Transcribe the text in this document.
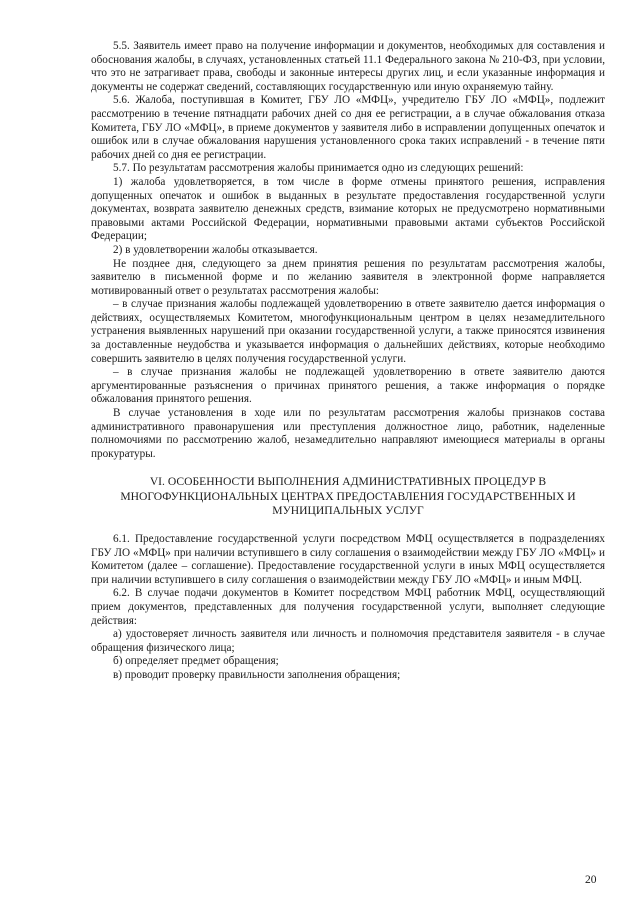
5.5. Заявитель имеет право на получение информации и документов, необходимых для составления и обоснования жалобы, в случаях, установленных статьей 11.1 Федерального закона № 210-ФЗ, при условии, что это не затрагивает права, свободы и законные интересы других лиц, и если указанные информация и документы не содержат сведений, составляющих государственную или иную охраняемую тайну.

5.6. Жалоба, поступившая в Комитет, ГБУ ЛО «МФЦ», учредителю ГБУ ЛО «МФЦ», подлежит рассмотрению в течение пятнадцати рабочих дней со дня ее регистрации, а в случае обжалования отказа Комитета, ГБУ ЛО «МФЦ», в приеме документов у заявителя либо в исправлении допущенных опечаток и ошибок или в случае обжалования нарушения установленного срока таких исправлений - в течение пяти рабочих дней со дня ее регистрации.

5.7. По результатам рассмотрения жалобы принимается одно из следующих решений:

1) жалоба удовлетворяется, в том числе в форме отмены принятого решения, исправления допущенных опечаток и ошибок в выданных в результате предоставления государственной услуги документах, возврата заявителю денежных средств, взимание которых не предусмотрено нормативными правовыми актами Российской Федерации, нормативными правовыми актами субъектов Российской Федерации;

2) в удовлетворении жалобы отказывается.

Не позднее дня, следующего за днем принятия решения по результатам рассмотрения жалобы, заявителю в письменной форме и по желанию заявителя в электронной форме направляется мотивированный ответ о результатах рассмотрения жалобы:

– в случае признания жалобы подлежащей удовлетворению в ответе заявителю дается информация о действиях, осуществляемых Комитетом, многофункциональным центром в целях незамедлительного устранения выявленных нарушений при оказании государственной услуги, а также приносятся извинения за доставленные неудобства и указывается информация о дальнейших действиях, которые необходимо совершить заявителю в целях получения государственной услуги.

– в случае признания жалобы не подлежащей удовлетворению в ответе заявителю даются аргументированные разъяснения о причинах принятого решения, а также информация о порядке обжалования принятого решения.

В случае установления в ходе или по результатам рассмотрения жалобы признаков состава административного правонарушения или преступления должностное лицо, работник, наделенные полномочиями по рассмотрению жалоб, незамедлительно направляют имеющиеся материалы в органы прокуратуры.

VI. ОСОБЕННОСТИ ВЫПОЛНЕНИЯ АДМИНИСТРАТИВНЫХ ПРОЦЕДУР В МНОГОФУНКЦИОНАЛЬНЫХ ЦЕНТРАХ ПРЕДОСТАВЛЕНИЯ ГОСУДАРСТВЕННЫХ И МУНИЦИПАЛЬНЫХ УСЛУГ

6.1. Предоставление государственной услуги посредством МФЦ осуществляется в подразделениях ГБУ ЛО «МФЦ» при наличии вступившего в силу соглашения о взаимодействии между ГБУ ЛО «МФЦ» и Комитетом (далее – соглашение). Предоставление государственной услуги в иных МФЦ осуществляется при наличии вступившего в силу соглашения о взаимодействии между ГБУ ЛО «МФЦ» и иным МФЦ.

6.2. В случае подачи документов в Комитет посредством МФЦ работник МФЦ, осуществляющий прием документов, представленных для получения государственной услуги, выполняет следующие действия:

а) удостоверяет личность заявителя или личность и полномочия представителя заявителя - в случае обращения физического лица;

б) определяет предмет обращения;

в) проводит проверку правильности заполнения обращения;

20
